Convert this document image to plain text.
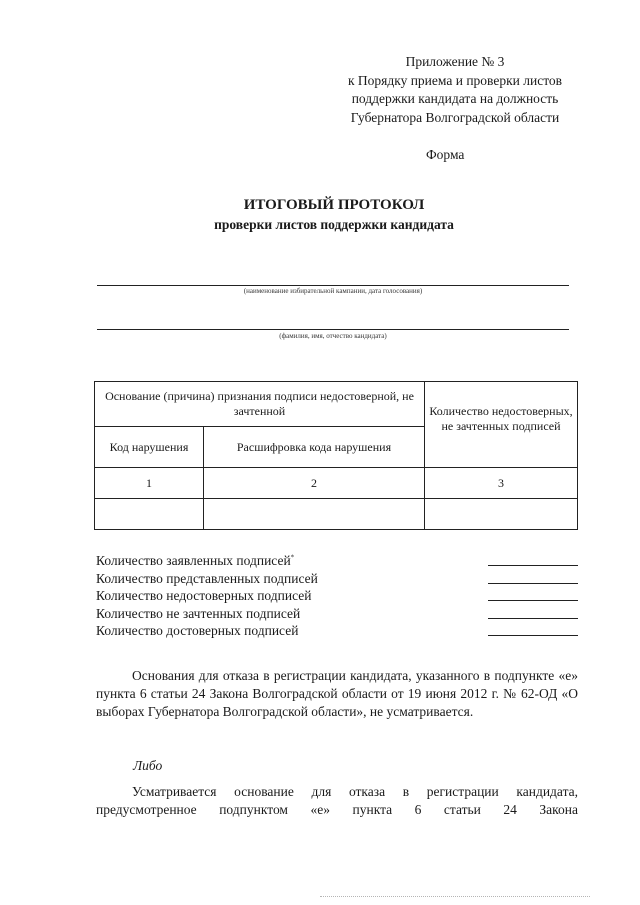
Приложение № 3
к Порядку приема и проверки листов
поддержки кандидата на должность
Губернатора Волгоградской области
Форма
ИТОГОВЫЙ ПРОТОКОЛ
проверки листов поддержки кандидата
(наименование избирательной кампании, дата голосования)
(фамилия, имя, отчество кандидата)
Основание (причина) признания подписи недостоверной, не зачтенной		Количество недостоверных, не зачтенных подписей
Код нарушения	Расшифровка кода нарушения	
1	2	3

Количество заявленных подписей*
Количество представленных подписей
Количество недостоверных подписей
Количество не зачтенных подписей
Количество достоверных подписей
Основания для отказа в регистрации кандидата, указанного в подпункте «е» пункта 6 статьи 24 Закона Волгоградской области от 19 июня 2012 г. № 62-ОД «О выборах Губернатора Волгоградской области», не усматривается.
Либо
Усматривается основание для отказа в регистрации кандидата, предусмотренное подпунктом «е» пункта 6 статьи 24 Закона
